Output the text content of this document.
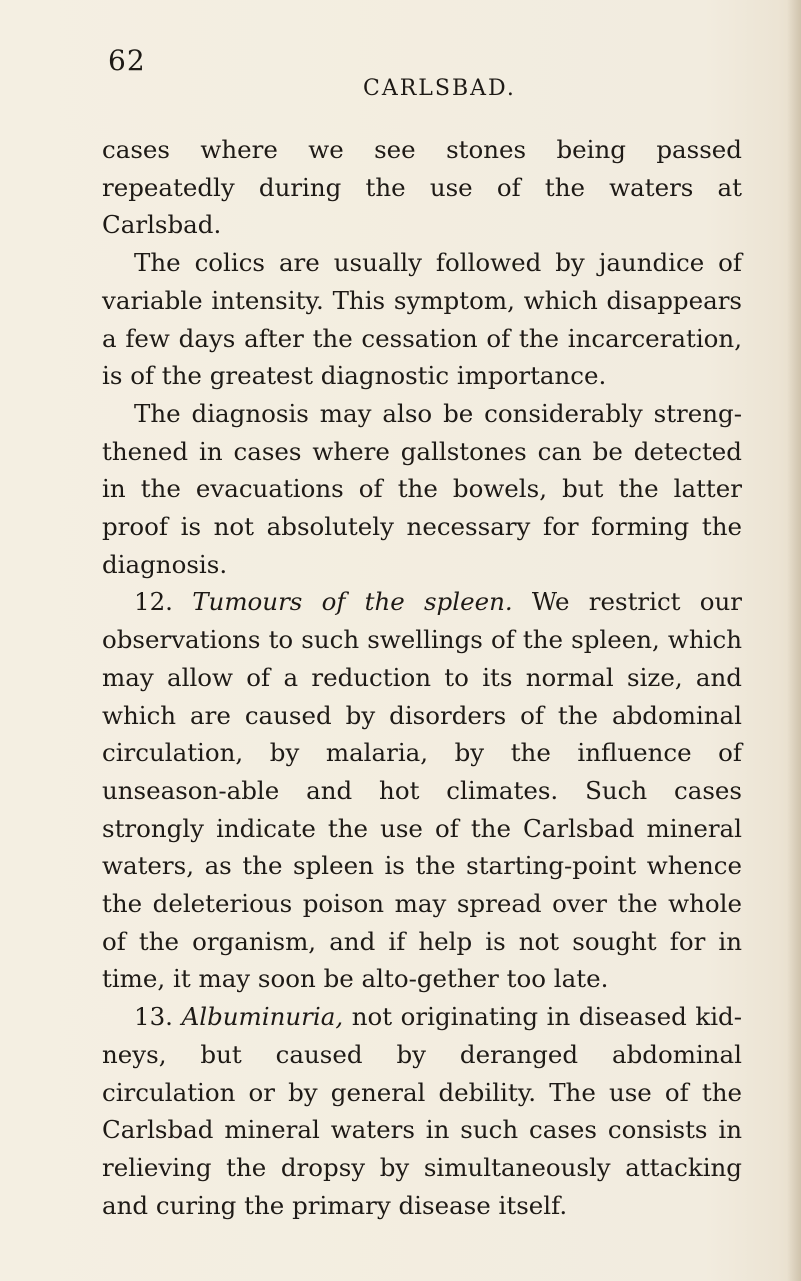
62
CARLSBAD.

cases where we see stones being passed repeatedly during the use of the waters at Carlsbad.

The colics are usually followed by jaundice of variable intensity. This symptom, which disappears a few days after the cessation of the incarceration, is of the greatest diagnostic importance.

The diagnosis may also be considerably streng-thened in cases where gallstones can be detected in the evacuations of the bowels, but the latter proof is not absolutely necessary for forming the diagnosis.

12. Tumours of the spleen. We restrict our observations to such swellings of the spleen, which may allow of a reduction to its normal size, and which are caused by disorders of the abdominal circulation, by malaria, by the influence of unseason-able and hot climates. Such cases strongly indicate the use of the Carlsbad mineral waters, as the spleen is the starting-point whence the deleterious poison may spread over the whole of the organism, and if help is not sought for in time, it may soon be alto-gether too late.

13. Albuminuria, not originating in diseased kid-neys, but caused by deranged abdominal circulation or by general debility. The use of the Carlsbad mineral waters in such cases consists in relieving the dropsy by simultaneously attacking and curing the primary disease itself.
